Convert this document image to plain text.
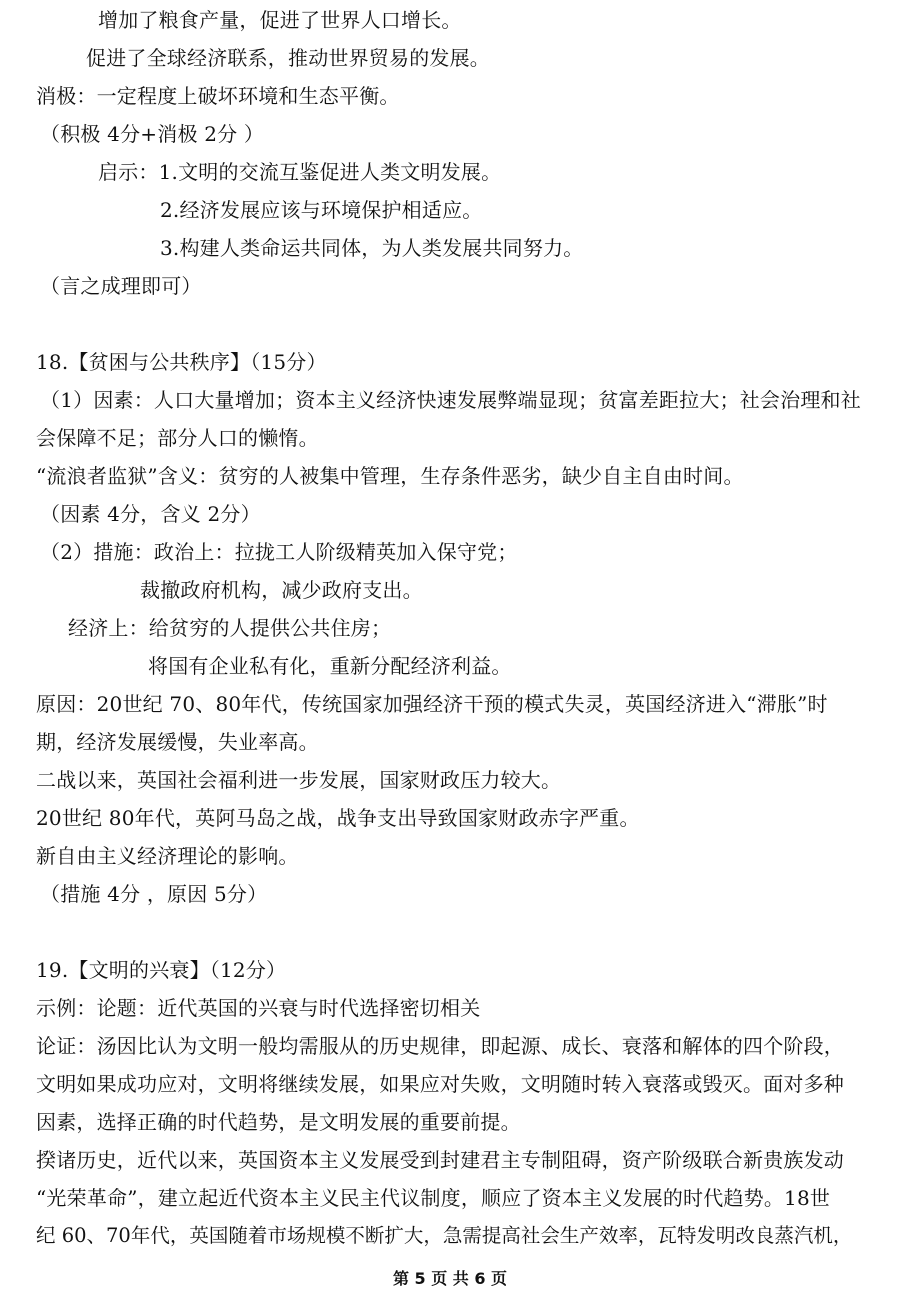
增加了粮食产量，促进了世界人口增长。
促进了全球经济联系，推动世界贸易的发展。
消极：一定程度上破坏环境和生态平衡。
（积极 4分+消极 2分 ）
启示：1.文明的交流互鉴促进人类文明发展。
2.经济发展应该与环境保护相适应。
3.构建人类命运共同体，为人类发展共同努力。
（言之成理即可）
18.【贫困与公共秩序】（15分）
（1）因素：人口大量增加；资本主义经济快速发展弊端显现；贫富差距拉大；社会治理和社
会保障不足；部分人口的懒惰。
“流浪者监狱”含义：贫穷的人被集中管理，生存条件恶劣，缺少自主自由时间。
（因素 4分，含义 2分）
（2）措施：政治上：拉拢工人阶级精英加入保守党；
裁撤政府机构，减少政府支出。
经济上：给贫穷的人提供公共住房；
将国有企业私有化，重新分配经济利益。
原因：20世纪 70、80年代，传统国家加强经济干预的模式失灵，英国经济进入“滞胀”时
期，经济发展缓慢，失业率高。
二战以来，英国社会福利进一步发展，国家财政压力较大。
20世纪 80年代，英阿马岛之战，战争支出导致国家财政赤字严重。
新自由主义经济理论的影响。
（措施 4分 ，原因 5分）
19.【文明的兴衰】（12分）
示例：论题：近代英国的兴衰与时代选择密切相关
论证：汤因比认为文明一般均需服从的历史规律，即起源、成长、衰落和解体的四个阶段，
文明如果成功应对，文明将继续发展，如果应对失败，文明随时转入衰落或毁灭。面对多种
因素，选择正确的时代趋势，是文明发展的重要前提。
揆诸历史，近代以来，英国资本主义发展受到封建君主专制阻碍，资产阶级联合新贵族发动
“光荣革命”，建立起近代资本主义民主代议制度，顺应了资本主义发展的时代趋势。18世
纪 60、70年代，英国随着市场规模不断扩大，急需提高社会生产效率，瓦特发明改良蒸汽机，
第 5 页 共 6 页
